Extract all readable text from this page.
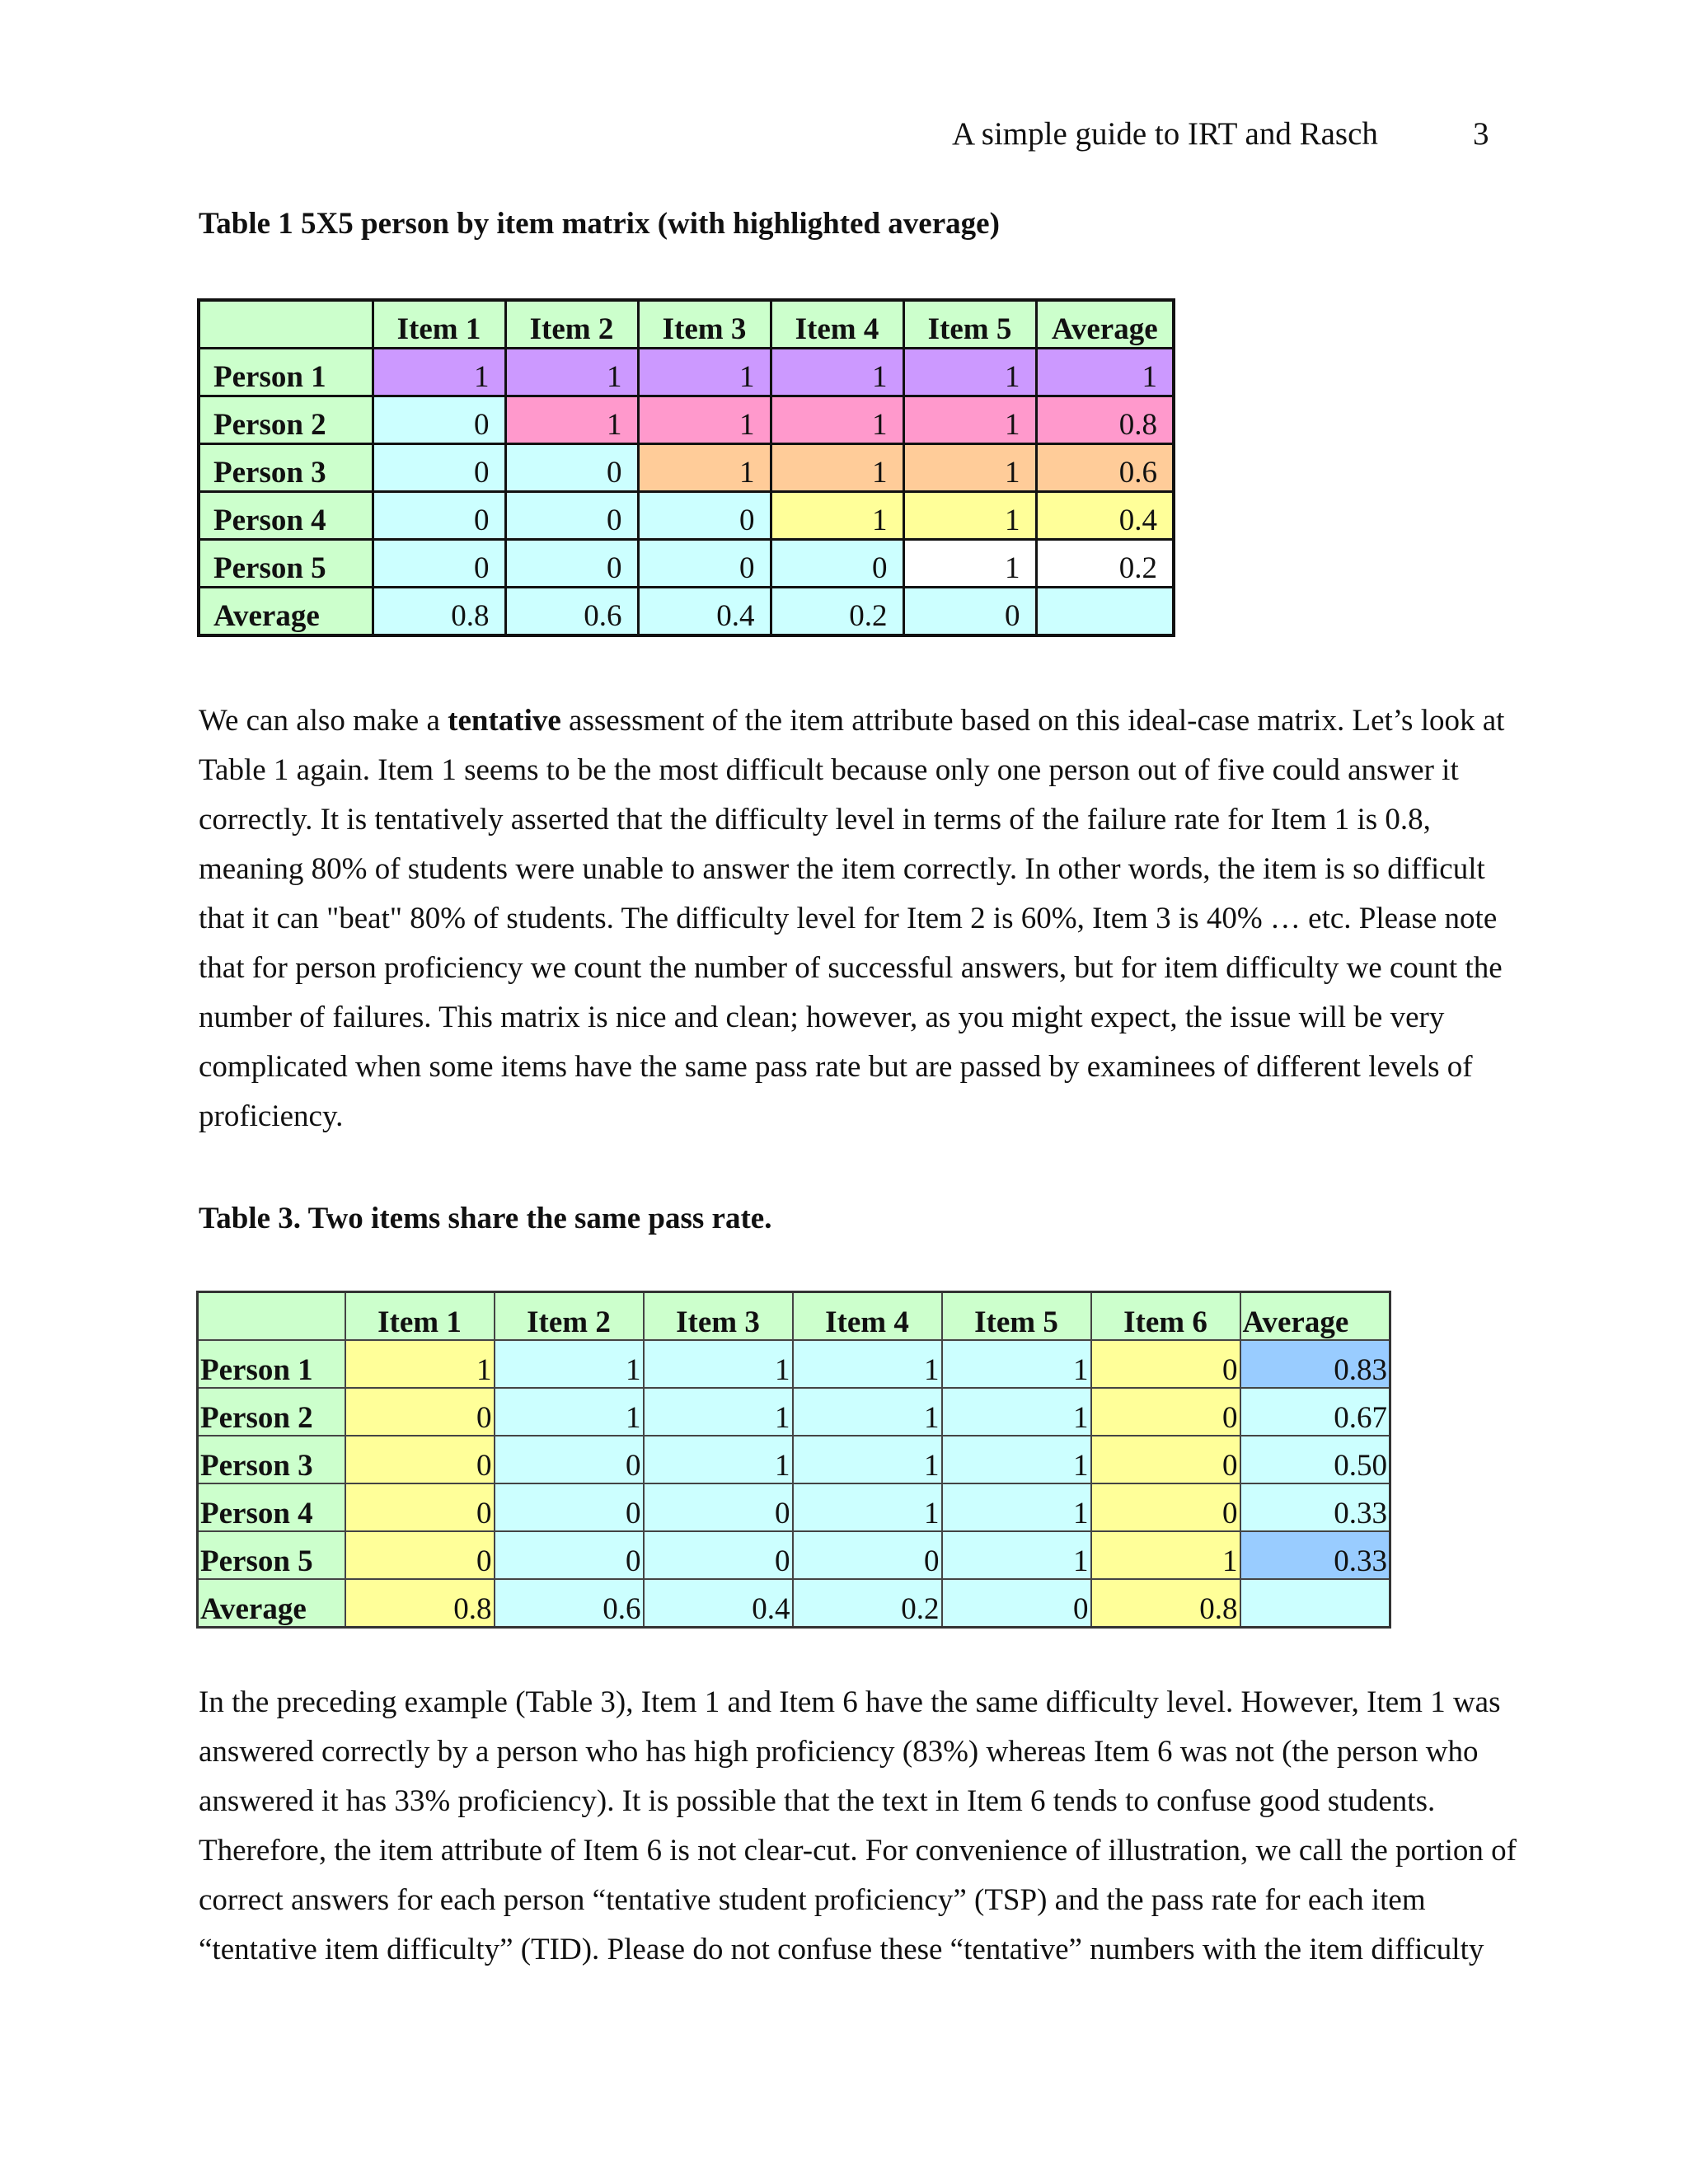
A simple guide to IRT and Rasch	3
Table 1 5X5 person by item matrix (with highlighted average)
	Item 1	Item 2	Item 3	Item 4	Item 5	Average
Person 1	1	1	1	1	1	1
Person 2	0	1	1	1	1	0.8
Person 3	0	0	1	1	1	0.6
Person 4	0	0	0	1	1	0.4
Person 5	0	0	0	0	1	0.2
Average	0.8	0.6	0.4	0.2	0	
We can also make a tentative assessment of the item attribute based on this ideal-case matrix. Let’s look at
Table 1 again. Item 1 seems to be the most difficult because only one person out of five could answer it
correctly. It is tentatively asserted that the difficulty level in terms of the failure rate for Item 1 is 0.8,
meaning 80% of students were unable to answer the item correctly. In other words, the item is so difficult
that it can "beat" 80% of students. The difficulty level for Item 2 is 60%, Item 3 is 40% … etc. Please note
that for person proficiency we count the number of successful answers, but for item difficulty we count the
number of failures. This matrix is nice and clean; however, as you might expect, the issue will be very
complicated when some items have the same pass rate but are passed by examinees of different levels of
proficiency.
Table 3. Two items share the same pass rate.
	Item 1	Item 2	Item 3	Item 4	Item 5	Item 6	Average
Person 1	1	1	1	1	1	0	0.83
Person 2	0	1	1	1	1	0	0.67
Person 3	0	0	1	1	1	0	0.50
Person 4	0	0	0	1	1	0	0.33
Person 5	0	0	0	0	1	1	0.33
Average	0.8	0.6	0.4	0.2	0	0.8	
In the preceding example (Table 3), Item 1 and Item 6 have the same difficulty level. However, Item 1 was
answered correctly by a person who has high proficiency (83%) whereas Item 6 was not (the person who
answered it has 33% proficiency). It is possible that the text in Item 6 tends to confuse good students.
Therefore, the item attribute of Item 6 is not clear-cut. For convenience of illustration, we call the portion of
correct answers for each person “tentative student proficiency” (TSP) and the pass rate for each item
“tentative item difficulty” (TID). Please do not confuse these “tentative” numbers with the item difficulty
